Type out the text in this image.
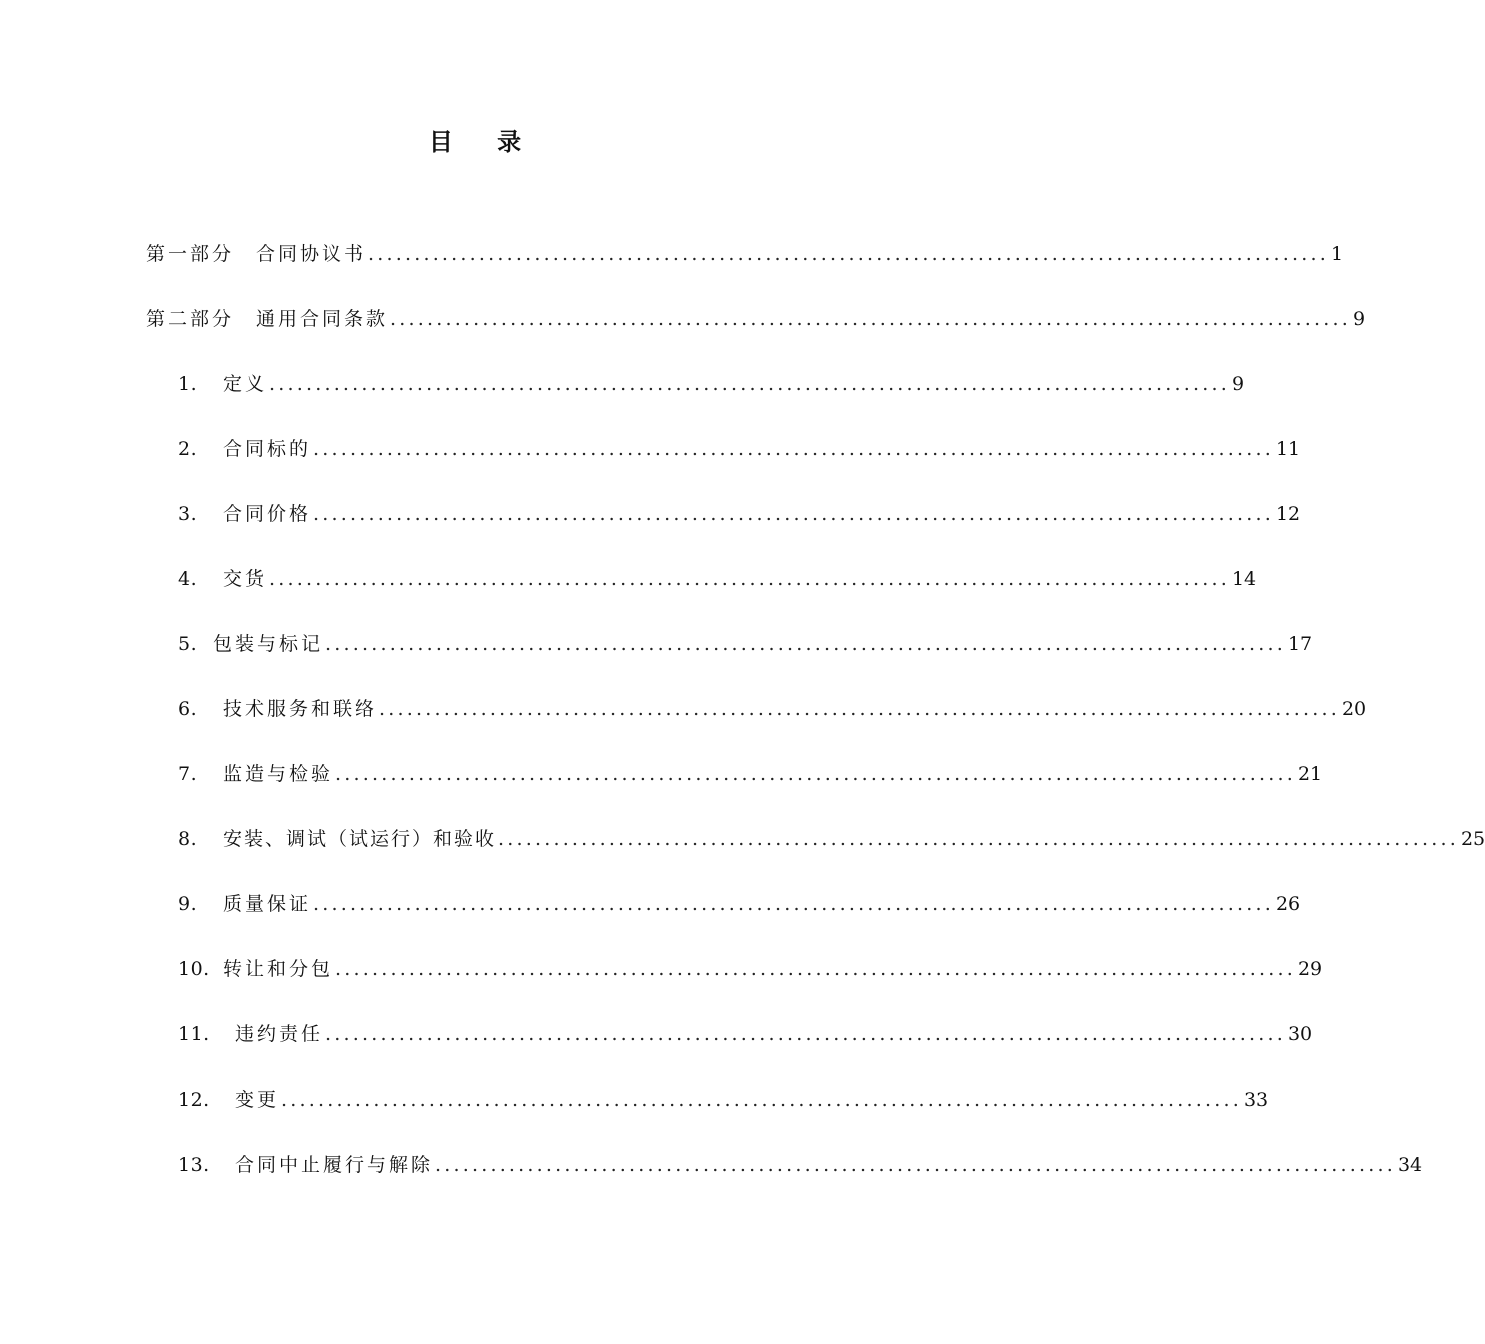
目 录
第一部分　合同协议书 ........................................................................................................ 1
第二部分　通用合同条款 ........................................................................................................ 9
1.	定义 ........................................................................................................ 9
2.	合同标的 ........................................................................................................ 11
3.	合同价格 ........................................................................................................ 12
4.	交货 ........................................................................................................ 14
5. 包装与标记 ........................................................................................................ 17
6.	技术服务和联络 ........................................................................................................ 20
7.	监造与检验 ........................................................................................................ 21
8.	安装、调试（试运行）和验收 ........................................................................................................ 25
9.	质量保证 ........................................................................................................ 26
10. 转让和分包 ........................................................................................................ 29
11.	违约责任 ........................................................................................................ 30
12.	变更 ........................................................................................................ 33
13.	合同中止履行与解除 ........................................................................................................ 34
